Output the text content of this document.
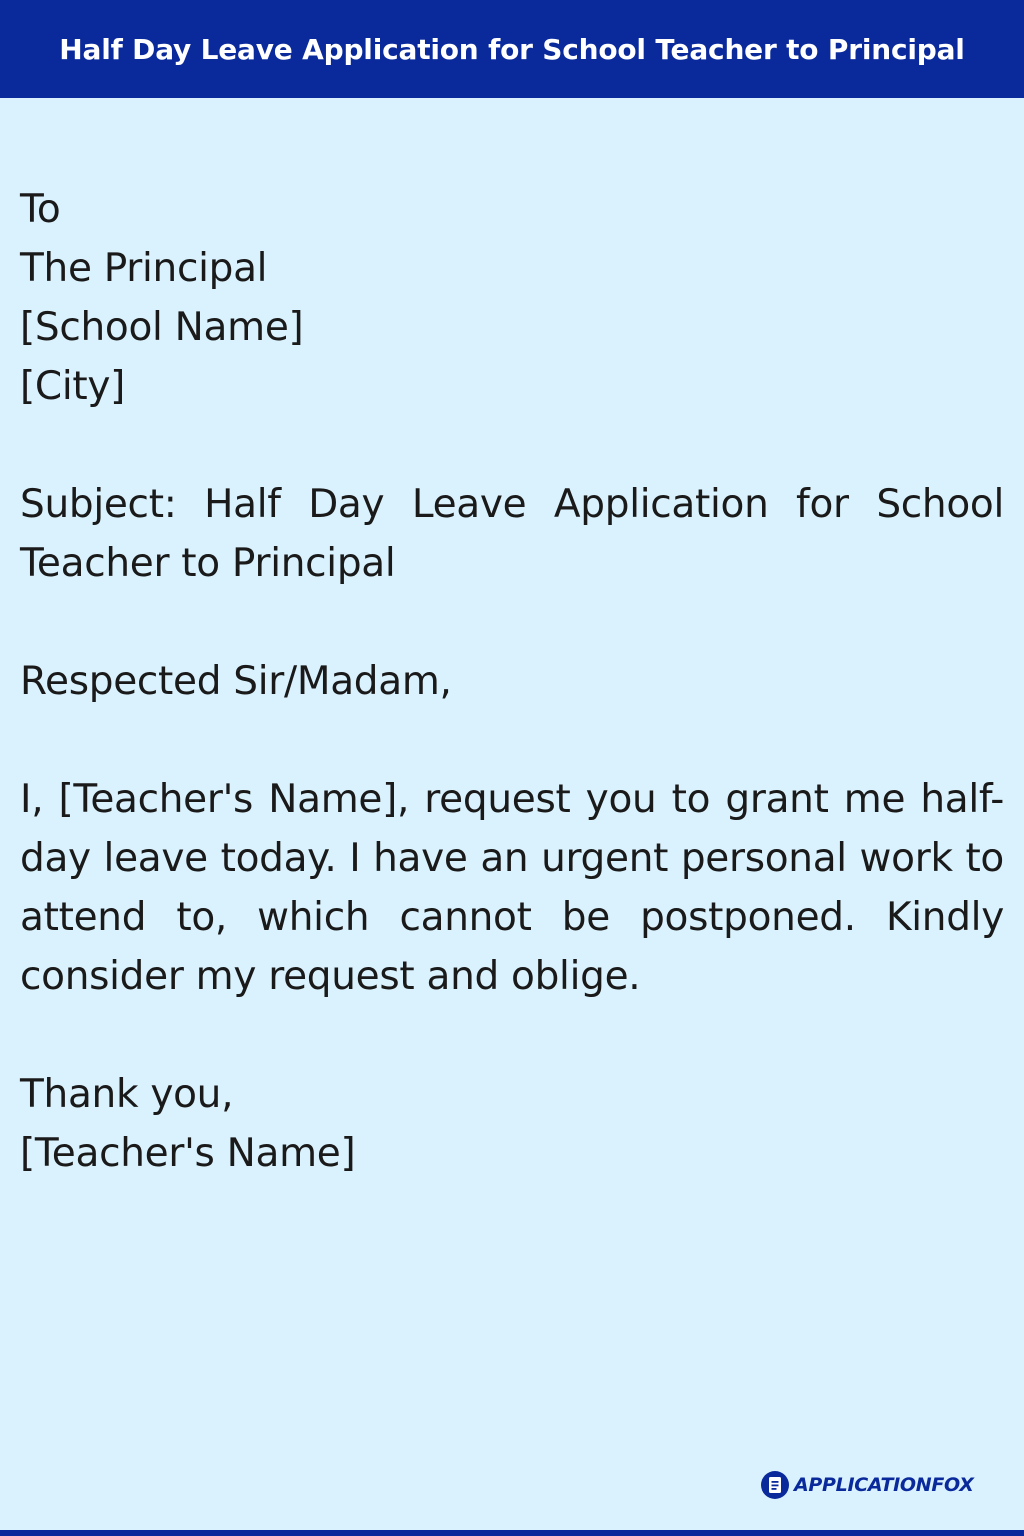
Half Day Leave Application for School Teacher to Principal
To
The Principal
[School Name]
[City]
Subject: Half Day Leave Application for School Teacher to Principal
Respected Sir/Madam,
I, [Teacher's Name], request you to grant me half-day leave today. I have an urgent personal work to attend to, which cannot be postponed. Kindly consider my request and oblige.
Thank you,
[Teacher's Name]
APPLICATIONFOX
